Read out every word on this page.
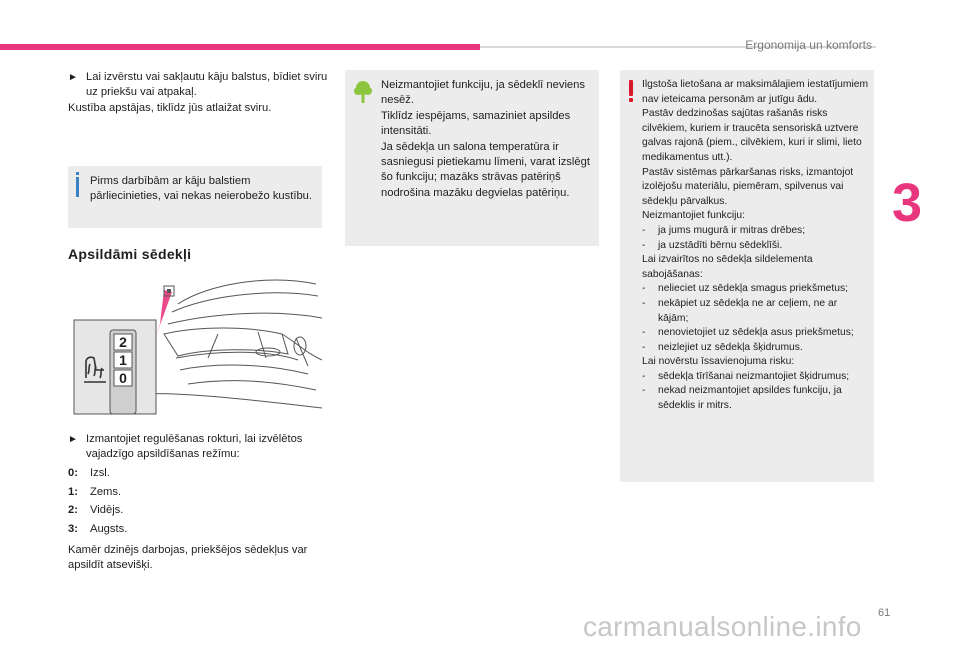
Ergonomija un komforts
3
► Lai izvērstu vai sakļautu kāju balstus, bīdiet sviru uz priekšu vai atpakaļ.
Kustība apstājas, tiklīdz jūs atlaižat sviru.
Pirms darbībām ar kāju balstiem pārliecinieties, vai nekas neierobežo kustību.
Apsildāmi sēdekļi
2
1
0
► Izmantojiet regulēšanas rokturi, lai izvēlētos vajadzīgo apsildīšanas režīmu:
0:	Izsl.
1:	Zems.
2:	Vidējs.
3:	Augsts.
Kamēr dzinējs darbojas, priekšējos sēdekļus var apsildīt atsevišķi.
Neizmantojiet funkciju, ja sēdeklī neviens nesēž.
Tiklīdz iespējams, samaziniet apsildes intensitāti.
Ja sēdekļa un salona temperatūra ir sasniegusi pietiekamu līmeni, varat izslēgt šo funkciju; mazāks strāvas patēriņš nodrošina mazāku degvielas patēriņu.
Ilgstoša lietošana ar maksimālajiem iestatījumiem nav ieteicama personām ar jutīgu ādu.
Pastāv dedzinošas sajūtas rašanās risks cilvēkiem, kuriem ir traucēta sensoriskā uztvere galvas rajonā (piem., cilvēkiem, kuri ir slimi, lieto medikamentus utt.).
Pastāv sistēmas pārkaršanas risks, izmantojot izolējošu materiālu, piemēram, spilvenus vai sēdekļu pārvalkus.
Neizmantojiet funkciju:
-	ja jums mugurā ir mitras drēbes;
-	ja uzstādīti bērnu sēdeklīši.
Lai izvairītos no sēdekļa sildelementa sabojāšanas:
-	nelieciet uz sēdekļa smagus priekšmetus;
-	nekāpiet uz sēdekļa ne ar ceļiem, ne ar kājām;
-	nenovietojiet uz sēdekļa asus priekšmetus;
-	neizlejiet uz sēdekļa šķidrumus.
Lai novērstu īssavienojuma risku:
-	sēdekļa tīrīšanai neizmantojiet šķidrumus;
-	nekad neizmantojiet apsildes funkciju, ja sēdeklis ir mitrs.
61
carmanualsonline.info
